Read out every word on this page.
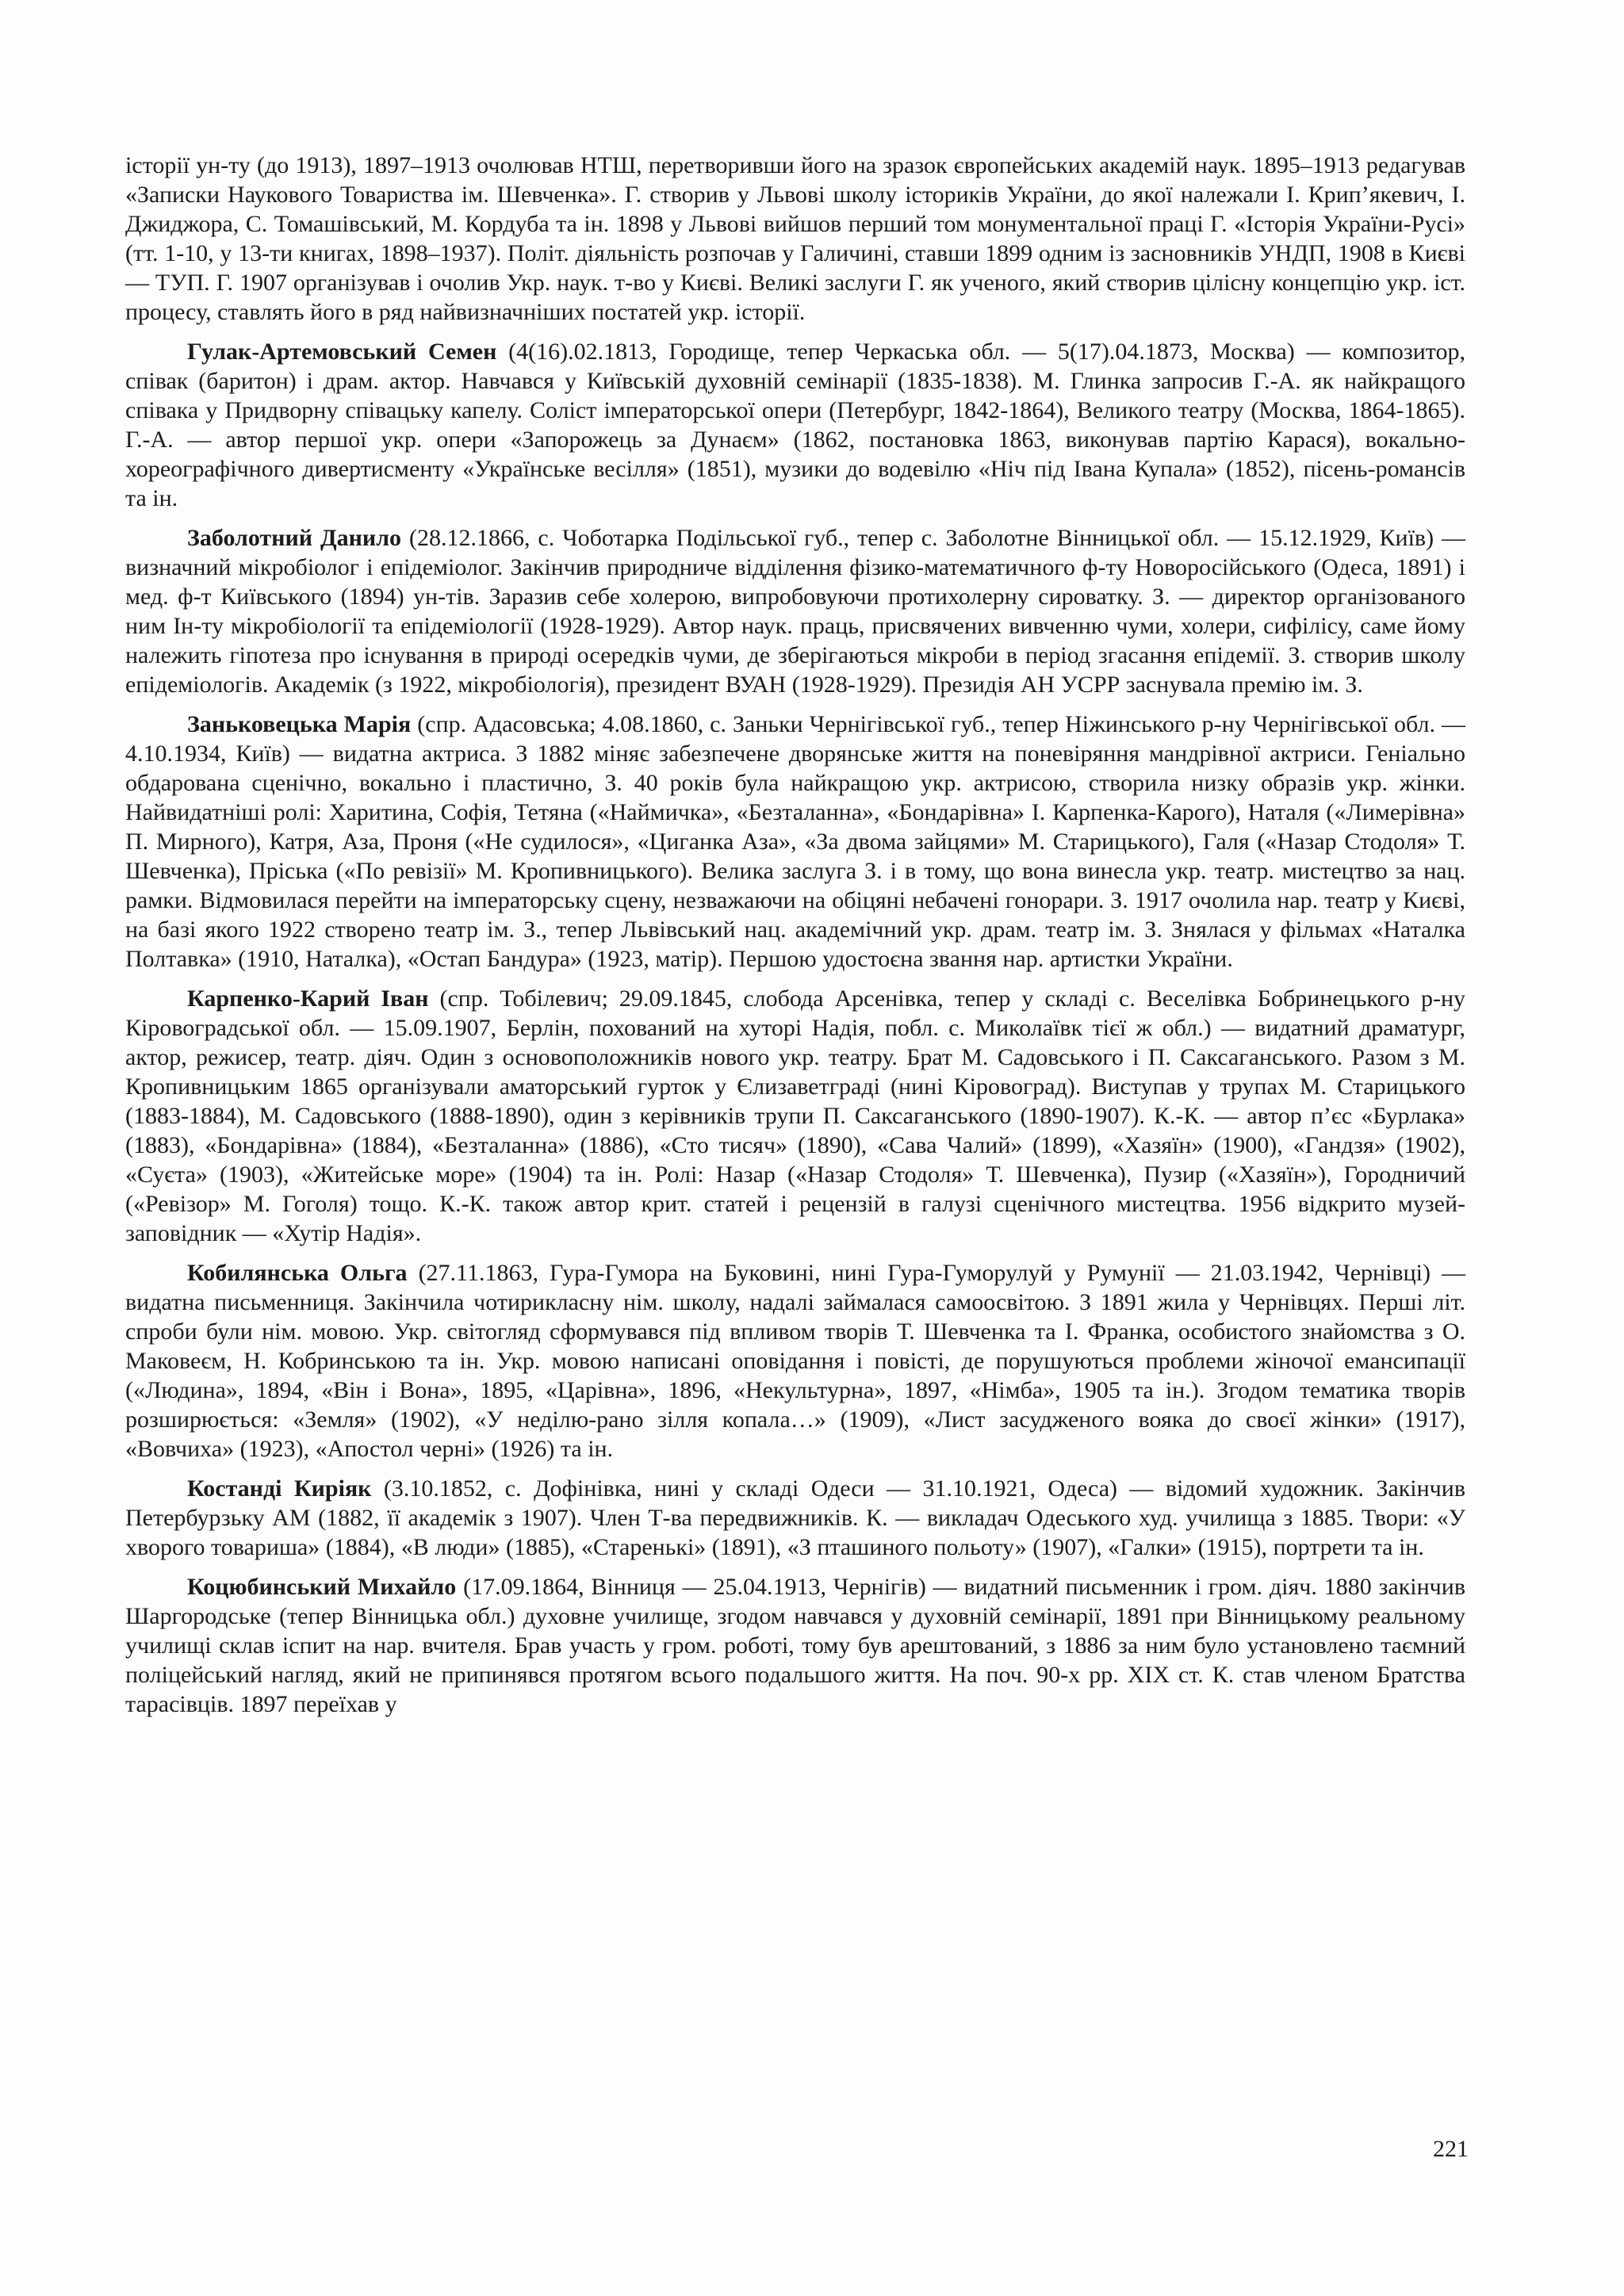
історії ун-ту (до 1913), 1897–1913 очолював НТШ, перетворивши його на зразок європейських академій наук. 1895–1913 редагував «Записки Наукового Товариства ім. Шевченка». Г. створив у Львові школу істориків України, до якої належали І. Крип’якевич, І. Джиджора, С. Томашівський, М. Кордуба та ін. 1898 у Львові вийшов перший том монументальної праці Г. «Історія України-Русі» (тт. 1-10, у 13-ти книгах, 1898–1937). Політ. діяльність розпочав у Галичині, ставши 1899 одним із засновників УНДП, 1908 в Києві — ТУП. Г. 1907 організував і очолив Укр. наук. т-во у Києві. Великі заслуги Г. як ученого, який створив цілісну концепцію укр. іст. процесу, ставлять його в ряд найвизначніших постатей укр. історії.

Гулак-Артемовський Семен (4(16).02.1813, Городище, тепер Черкаська обл. — 5(17).04.1873, Москва) — композитор, співак (баритон) і драм. актор. Навчався у Київській духовній семінарії (1835-1838). М. Глинка запросив Г.-А. як найкращого співака у Придворну співацьку капелу. Соліст імператорської опери (Петербург, 1842-1864), Великого театру (Москва, 1864-1865). Г.-А. — автор першої укр. опери «Запорожець за Дунаєм» (1862, постановка 1863, виконував партію Карася), вокально-хореографічного дивертисменту «Українське весілля» (1851), музики до водевілю «Ніч під Івана Купала» (1852), пісень-романсів та ін.

Заболотний Данило (28.12.1866, с. Чоботарка Подільської губ., тепер с. Заболотне Вінницької обл. — 15.12.1929, Київ) — визначний мікробіолог і епідеміолог. Закінчив природниче відділення фізико-математичного ф-ту Новоросійського (Одеса, 1891) і мед. ф-т Київського (1894) ун-тів. Заразив себе холерою, випробовуючи протихолерну сироватку. З. — директор організованого ним Ін-ту мікробіології та епідеміології (1928-1929). Автор наук. праць, присвячених вивченню чуми, холери, сифілісу, саме йому належить гіпотеза про існування в природі осередків чуми, де зберігаються мікроби в період згасання епідемії. З. створив школу епідеміологів. Академік (з 1922, мікробіологія), президент ВУАН (1928-1929). Президія АН УСРР заснувала премію ім. З.

Заньковецька Марія (спр. Адасовська; 4.08.1860, с. Заньки Чернігівської губ., тепер Ніжинського р-ну Чернігівської обл. — 4.10.1934, Київ) — видатна актриса. З 1882 міняє забезпечене дворянське життя на поневіряння мандрівної актриси. Геніально обдарована сценічно, вокально і пластично, З. 40 років була найкращою укр. актрисою, створила низку образів укр. жінки. Найвидатніші ролі: Харитина, Софія, Тетяна («Наймичка», «Безталанна», «Бондарівна» І. Карпенка-Карого), Наталя («Лимерівна» П. Мирного), Катря, Аза, Проня («Не судилося», «Циганка Аза», «За двома зайцями» М. Старицького), Галя («Назар Стодоля» Т. Шевченка), Пріська («По ревізії» М. Кропивницького). Велика заслуга З. і в тому, що вона винесла укр. театр. мистецтво за нац. рамки. Відмовилася перейти на імператорську сцену, незважаючи на обіцяні небачені гонорари. З. 1917 очолила нар. театр у Києві, на базі якого 1922 створено театр ім. З., тепер Львівський нац. академічний укр. драм. театр ім. З. Знялася у фільмах «Наталка Полтавка» (1910, Наталка), «Остап Бандура» (1923, матір). Першою удостоєна звання нар. артистки України.

Карпенко-Карий Іван (спр. Тобілевич; 29.09.1845, слобода Арсенівка, тепер у складі с. Веселівка Бобринецького р-ну Кіровоградської обл. — 15.09.1907, Берлін, похований на хуторі Надія, побл. с. Миколаївк тієї ж обл.) — видатний драматург, актор, режисер, театр. діяч. Один з основоположників нового укр. театру. Брат М. Садовського і П. Саксаганського. Разом з М. Кропивницьким 1865 організували аматорський гурток у Єлизаветграді (нині Кіровоград). Виступав у трупах М. Старицького (1883-1884), М. Садовського (1888-1890), один з керівників трупи П. Саксаганського (1890-1907). К.-К. — автор п’єс «Бурлака» (1883), «Бондарівна» (1884), «Безталанна» (1886), «Сто тисяч» (1890), «Сава Чалий» (1899), «Хазяїн» (1900), «Гандзя» (1902), «Суєта» (1903), «Житейське море» (1904) та ін. Ролі: Назар («Назар Стодоля» Т. Шевченка), Пузир («Хазяїн»), Городничий («Ревізор» М. Гоголя) тощо. К.-К. також автор крит. статей і рецензій в галузі сценічного мистецтва. 1956 відкрито музей-заповідник — «Хутір Надія».

Кобилянська Ольга (27.11.1863, Гура-Гумора на Буковині, нині Гура-Гуморулуй у Румунії — 21.03.1942, Чернівці) — видатна письменниця. Закінчила чотирикласну нім. школу, надалі займалася самоосвітою. З 1891 жила у Чернівцях. Перші літ. спроби були нім. мовою. Укр. світогляд сформувався під впливом творів Т. Шевченка та І. Франка, особистого знайомства з О. Маковеєм, Н. Кобринською та ін. Укр. мовою написані оповідання і повісті, де порушуються проблеми жіночої емансипації («Людина», 1894, «Він і Вона», 1895, «Царівна», 1896, «Некультурна», 1897, «Німба», 1905 та ін.). Згодом тематика творів розширюється: «Земля» (1902), «У неділю-рано зілля копала…» (1909), «Лист засудженого вояка до своєї жінки» (1917), «Вовчиха» (1923), «Апостол черні» (1926) та ін.

Костанді Киріяк (3.10.1852, с. Дофінівка, нині у складі Одеси — 31.10.1921, Одеса) — відомий художник. Закінчив Петербурзьку АМ (1882, її академік з 1907). Член Т-ва передвижників. К. — викладач Одеського худ. училища з 1885. Твори: «У хворого товариша» (1884), «В люди» (1885), «Старенькі» (1891), «З пташиного польоту» (1907), «Галки» (1915), портрети та ін.

Коцюбинський Михайло (17.09.1864, Вінниця — 25.04.1913, Чернігів) — видатний письменник і гром. діяч. 1880 закінчив Шаргородське (тепер Вінницька обл.) духовне училище, згодом навчався у духовній семінарії, 1891 при Вінницькому реальному училищі склав іспит на нар. вчителя. Брав участь у гром. роботі, тому був арештований, з 1886 за ним було установлено таємний поліцейський нагляд, який не припинявся протягом всього подальшого життя. На поч. 90-х рр. XIX ст. К. став членом Братства тарасівців. 1897 переїхав у

221
